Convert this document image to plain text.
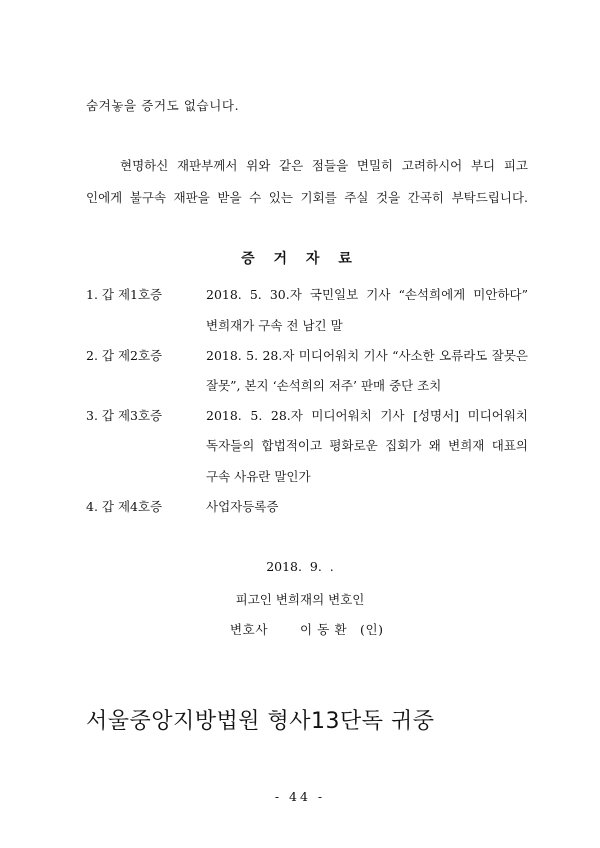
숨겨놓을 증거도 없습니다.
현명하신 재판부께서 위와 같은 점들을 면밀히 고려하시어 부디 피고
인에게 불구속 재판을 받을 수 있는 기회를 주실 것을 간곡히 부탁드립니다.
증 거 자 료
1. 갑 제1호증	2018. 5. 30.자 국민일보 기사 “손석희에게 미안하다”
변희재가 구속 전 남긴 말
2. 갑 제2호증	2018. 5. 28.자 미디어워치 기사 “사소한 오류라도 잘못은
잘못”, 본지 ‘손석희의 저주’ 판매 중단 조치
3. 갑 제3호증	2018. 5. 28.자 미디어워치 기사 [성명서] 미디어워치
독자들의 합법적이고 평화로운 집회가 왜 변희재 대표의
구속 사유란 말인가
4. 갑 제4호증	사업자등록증
2018.  9.  .
피고인 변희재의 변호인
변호사	이 동 환 (인)
서울중앙지방법원 형사13단독 귀중
- 44 -
